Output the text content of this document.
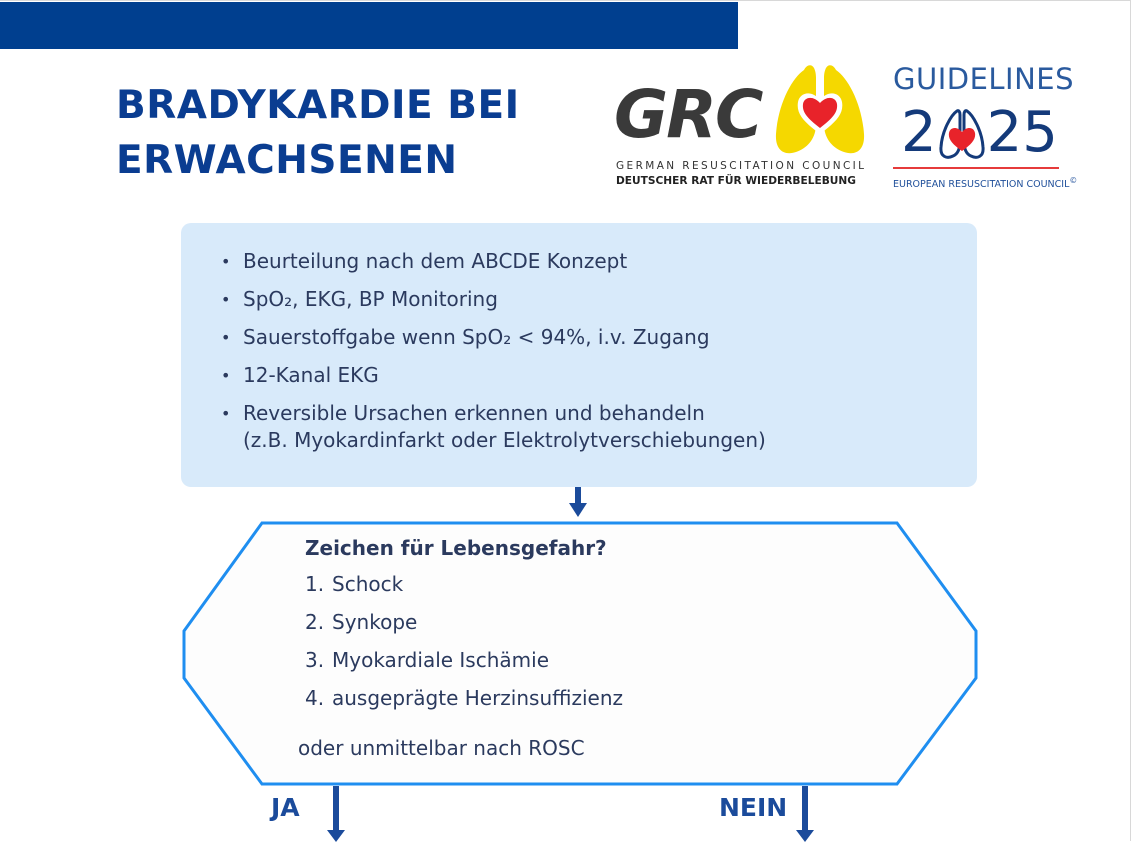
BRADYKARDIE BEI
ERWACHSENEN
GRC
GERMAN RESUSCITATION COUNCIL
DEUTSCHER RAT FÜR WIEDERBELEBUNG
GUIDELINES
2 2 5
EUROPEAN RESUSCITATION COUNCIL©
• Beurteilung nach dem ABCDE Konzept
• SpO₂, EKG, BP Monitoring
• Sauerstoffgabe wenn SpO₂ < 94%, i.v. Zugang
• 12-Kanal EKG
• Reversible Ursachen erkennen und behandeln
(z.B. Myokardinfarkt oder Elektrolytverschiebungen)

Zeichen für Lebensgefahr?

1. Schock
2. Synkope
3. Myokardiale Ischämie
4. ausgeprägte Herzinsuffizienz
oder unmittelbar nach ROSC
JA	NEIN
